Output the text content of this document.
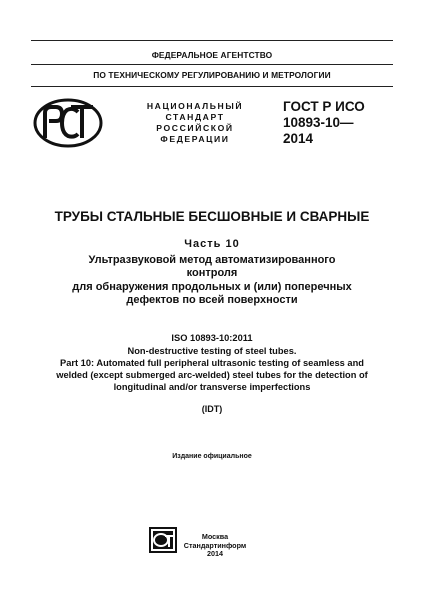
ФЕДЕРАЛЬНОЕ АГЕНТСТВО
ПО ТЕХНИЧЕСКОМУ РЕГУЛИРОВАНИЮ И МЕТРОЛОГИИ
НАЦИОНАЛЬНЫЙ
СТАНДАРТ
РОССИЙСКОЙ
ФЕДЕРАЦИИ
ГОСТ Р ИСО
10893-10—
2014
ТРУБЫ СТАЛЬНЫЕ БЕСШОВНЫЕ И СВАРНЫЕ
Часть 10
Ультразвуковой метод автоматизированного
контроля
для обнаружения продольных и (или) поперечных
дефектов по всей поверхности
ISO 10893-10:2011
Non-destructive testing of steel tubes.
Part 10: Automated full peripheral ultrasonic testing of seamless and
welded (except submerged arc-welded) steel tubes for the detection of
longitudinal and/or transverse imperfections
(IDT)
Издание официальное
Москва
Стандартинформ
2014
